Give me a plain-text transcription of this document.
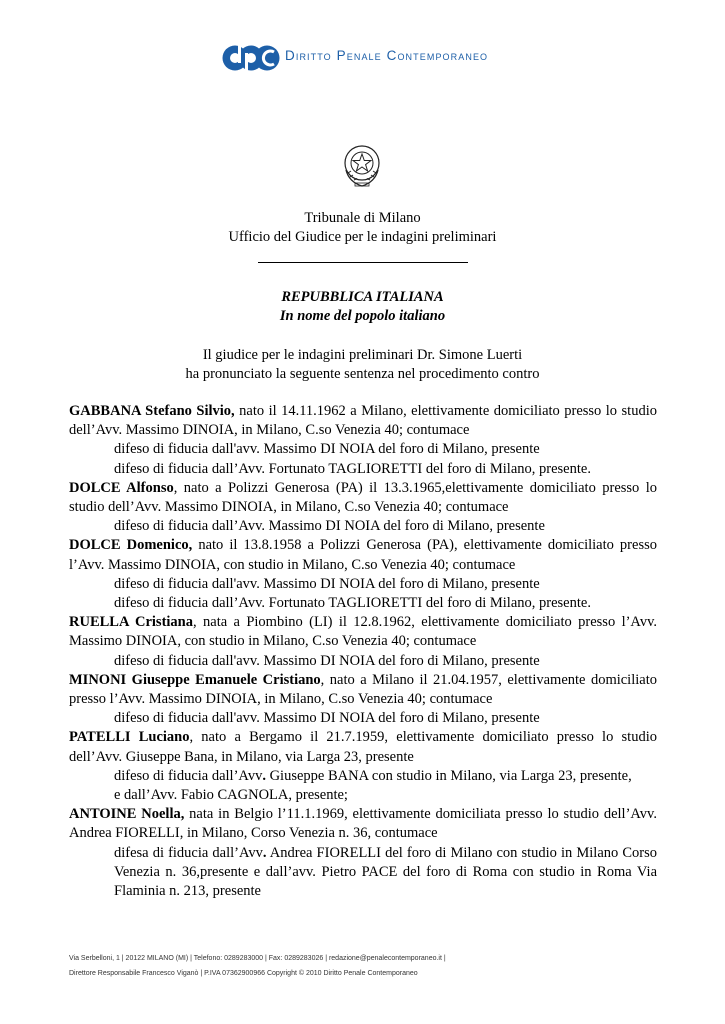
Diritto Penale Contemporaneo
Tribunale di Milano
Ufficio del Giudice per le indagini preliminari
REPUBBLICA ITALIANA
In nome del popolo italiano
Il giudice per le indagini preliminari Dr. Simone Luerti
ha pronunciato la seguente sentenza nel procedimento contro

GABBANA Stefano Silvio, nato il 14.11.1962 a Milano, elettivamente domiciliato presso lo studio dell’Avv. Massimo DINOIA, in Milano, C.so Venezia 40; contumace

difeso di fiducia dall'avv. Massimo DI NOIA del foro di Milano, presente

difeso di fiducia dall’Avv. Fortunato TAGLIORETTI del foro di Milano, presente.

DOLCE Alfonso, nato a Polizzi Generosa (PA) il 13.3.1965,elettivamente domiciliato presso lo studio dell’Avv. Massimo DINOIA, in Milano, C.so Venezia 40; contumace

difeso di fiducia dall’Avv. Massimo DI NOIA del foro di Milano, presente

DOLCE Domenico, nato il 13.8.1958 a Polizzi Generosa (PA), elettivamente domiciliato presso l’Avv. Massimo DINOIA, con studio in Milano, C.so Venezia 40; contumace

difeso di fiducia dall'avv. Massimo DI NOIA del foro di Milano, presente

difeso di fiducia dall’Avv. Fortunato TAGLIORETTI del foro di Milano, presente.

RUELLA Cristiana, nata a Piombino (LI) il 12.8.1962, elettivamente domiciliato presso l’Avv. Massimo DINOIA, con studio in Milano, C.so Venezia 40; contumace

difeso di fiducia dall'avv. Massimo DI NOIA del foro di Milano, presente

MINONI Giuseppe Emanuele Cristiano, nato a Milano il 21.04.1957, elettivamente domiciliato presso l’Avv. Massimo DINOIA, in Milano, C.so Venezia 40; contumace

difeso di fiducia dall'avv. Massimo DI NOIA del foro di Milano, presente

PATELLI Luciano, nato a Bergamo il 21.7.1959, elettivamente domiciliato presso lo studio dell’Avv. Giuseppe Bana, in Milano, via Larga 23, presente

difeso di fiducia dall’Avv. Giuseppe BANA con studio in Milano, via Larga 23, presente,

e dall’Avv. Fabio CAGNOLA, presente;

ANTOINE Noella, nata in Belgio l’11.1.1969, elettivamente domiciliata presso lo studio dell’Avv. Andrea FIORELLI, in Milano, Corso Venezia n. 36, contumace

difesa di fiducia dall’Avv. Andrea FIORELLI del foro di Milano con studio in Milano Corso Venezia n. 36,presente e dall’avv. Pietro PACE del foro di Roma con studio in Roma Via Flaminia n. 213, presente

Via Serbelloni, 1 | 20122 MILANO (MI) | Telefono: 0289283000 | Fax: 0289283026 | redazione@penalecontemporaneo.it |
Direttore Responsabile Francesco Viganò | P.IVA 07362900966 Copyright © 2010 Diritto Penale Contemporaneo
